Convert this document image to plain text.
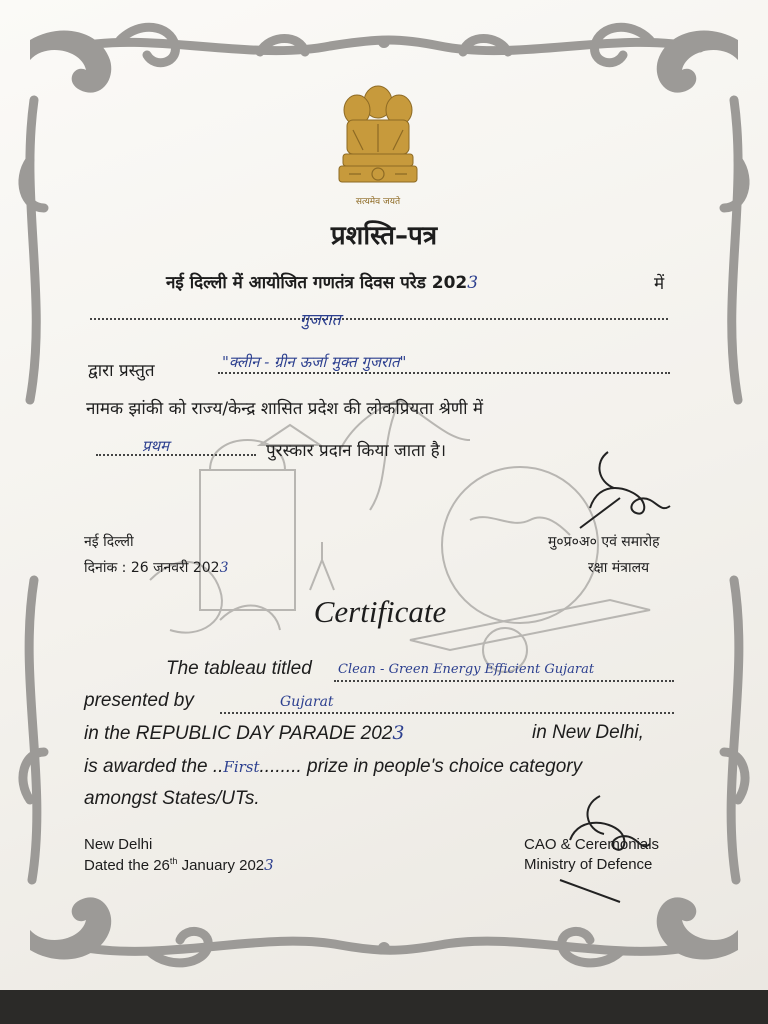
सत्यमेव जयते
प्रशस्ति–पत्र
नई दिल्ली में आयोजित गणतंत्र दिवस परेड 2023	में
गुजरात
द्वारा प्रस्तुत	"क्लीन - ग्रीन ऊर्जा मुक्त गुजरात"
नामक झांकी को राज्य/केन्द्र शासित प्रदेश की लोकप्रियता श्रेणी में
प्रथम	पुरस्कार प्रदान किया जाता है।
नई दिल्ली
दिनांक : 26 जनवरी 2023
मु०प्र०अ० एवं समारोह
रक्षा मंत्रालय
Certificate
The tableau titled Clean - Green Energy Efficient Gujarat
presented by	Gujarat
in the REPUBLIC DAY PARADE 2023	in New Delhi,
is awarded the ..First........ prize in people's choice category
amongst States/UTs.
New Delhi
Dated the 26th January 2023
CAO & Ceremonials
Ministry of Defence
